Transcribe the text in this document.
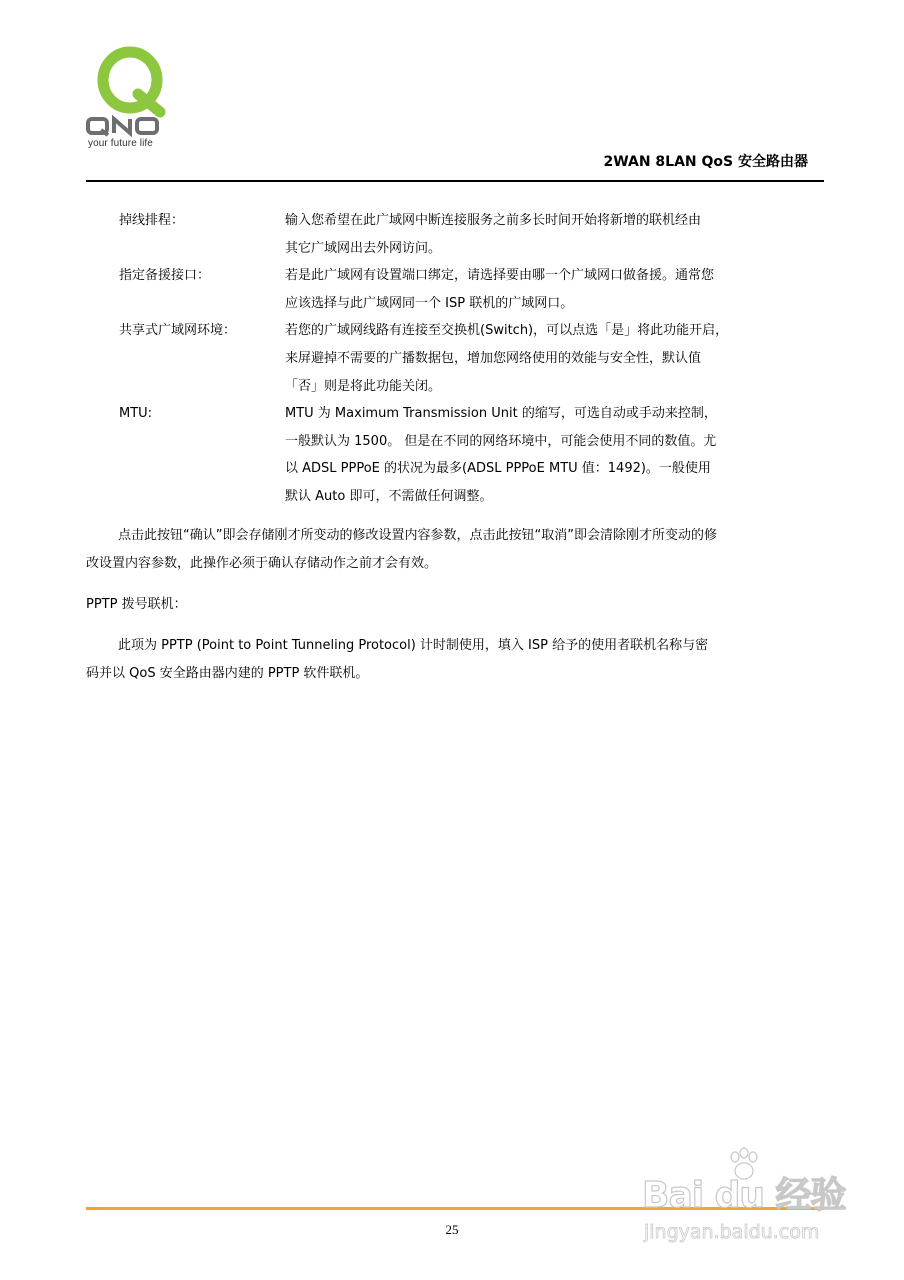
your future life
2WAN 8LAN QoS 安全路由器
掉线排程：	输入您希望在此广域网中断连接服务之前多长时间开始将新增的联机经由
其它广域网出去外网访问。
指定备援接口：	若是此广域网有设置端口绑定，请选择要由哪一个广域网口做备援。通常您
应该选择与此广域网同一个 ISP 联机的广域网口。
共享式广域网环境：	若您的广域网线路有连接至交换机(Switch)，可以点选「是」将此功能开启，
来屏避掉不需要的广播数据包，增加您网络使用的效能与安全性，默认值
「否」则是将此功能关闭。
MTU:	MTU 为 Maximum Transmission Unit 的缩写，可选自动或手动来控制，
一般默认为 1500。 但是在不同的网络环境中，可能会使用不同的数值。尤
以 ADSL PPPoE 的状况为最多(ADSL PPPoE MTU 值：1492)。一般使用
默认 Auto 即可，不需做任何调整。
点击此按钮“确认”即会存储刚才所变动的修改设置内容参数，点击此按钮“取消”即会清除刚才所变动的修
改设置内容参数，此操作必须于确认存储动作之前才会有效。
PPTP 拨号联机：
此项为 PPTP (Point to Point Tunneling Protocol) 计时制使用，填入 ISP 给予的使用者联机名称与密
码并以 QoS 安全路由器内建的 PPTP 软件联机。
25
Bai du 经验
jingyan.baidu.com
